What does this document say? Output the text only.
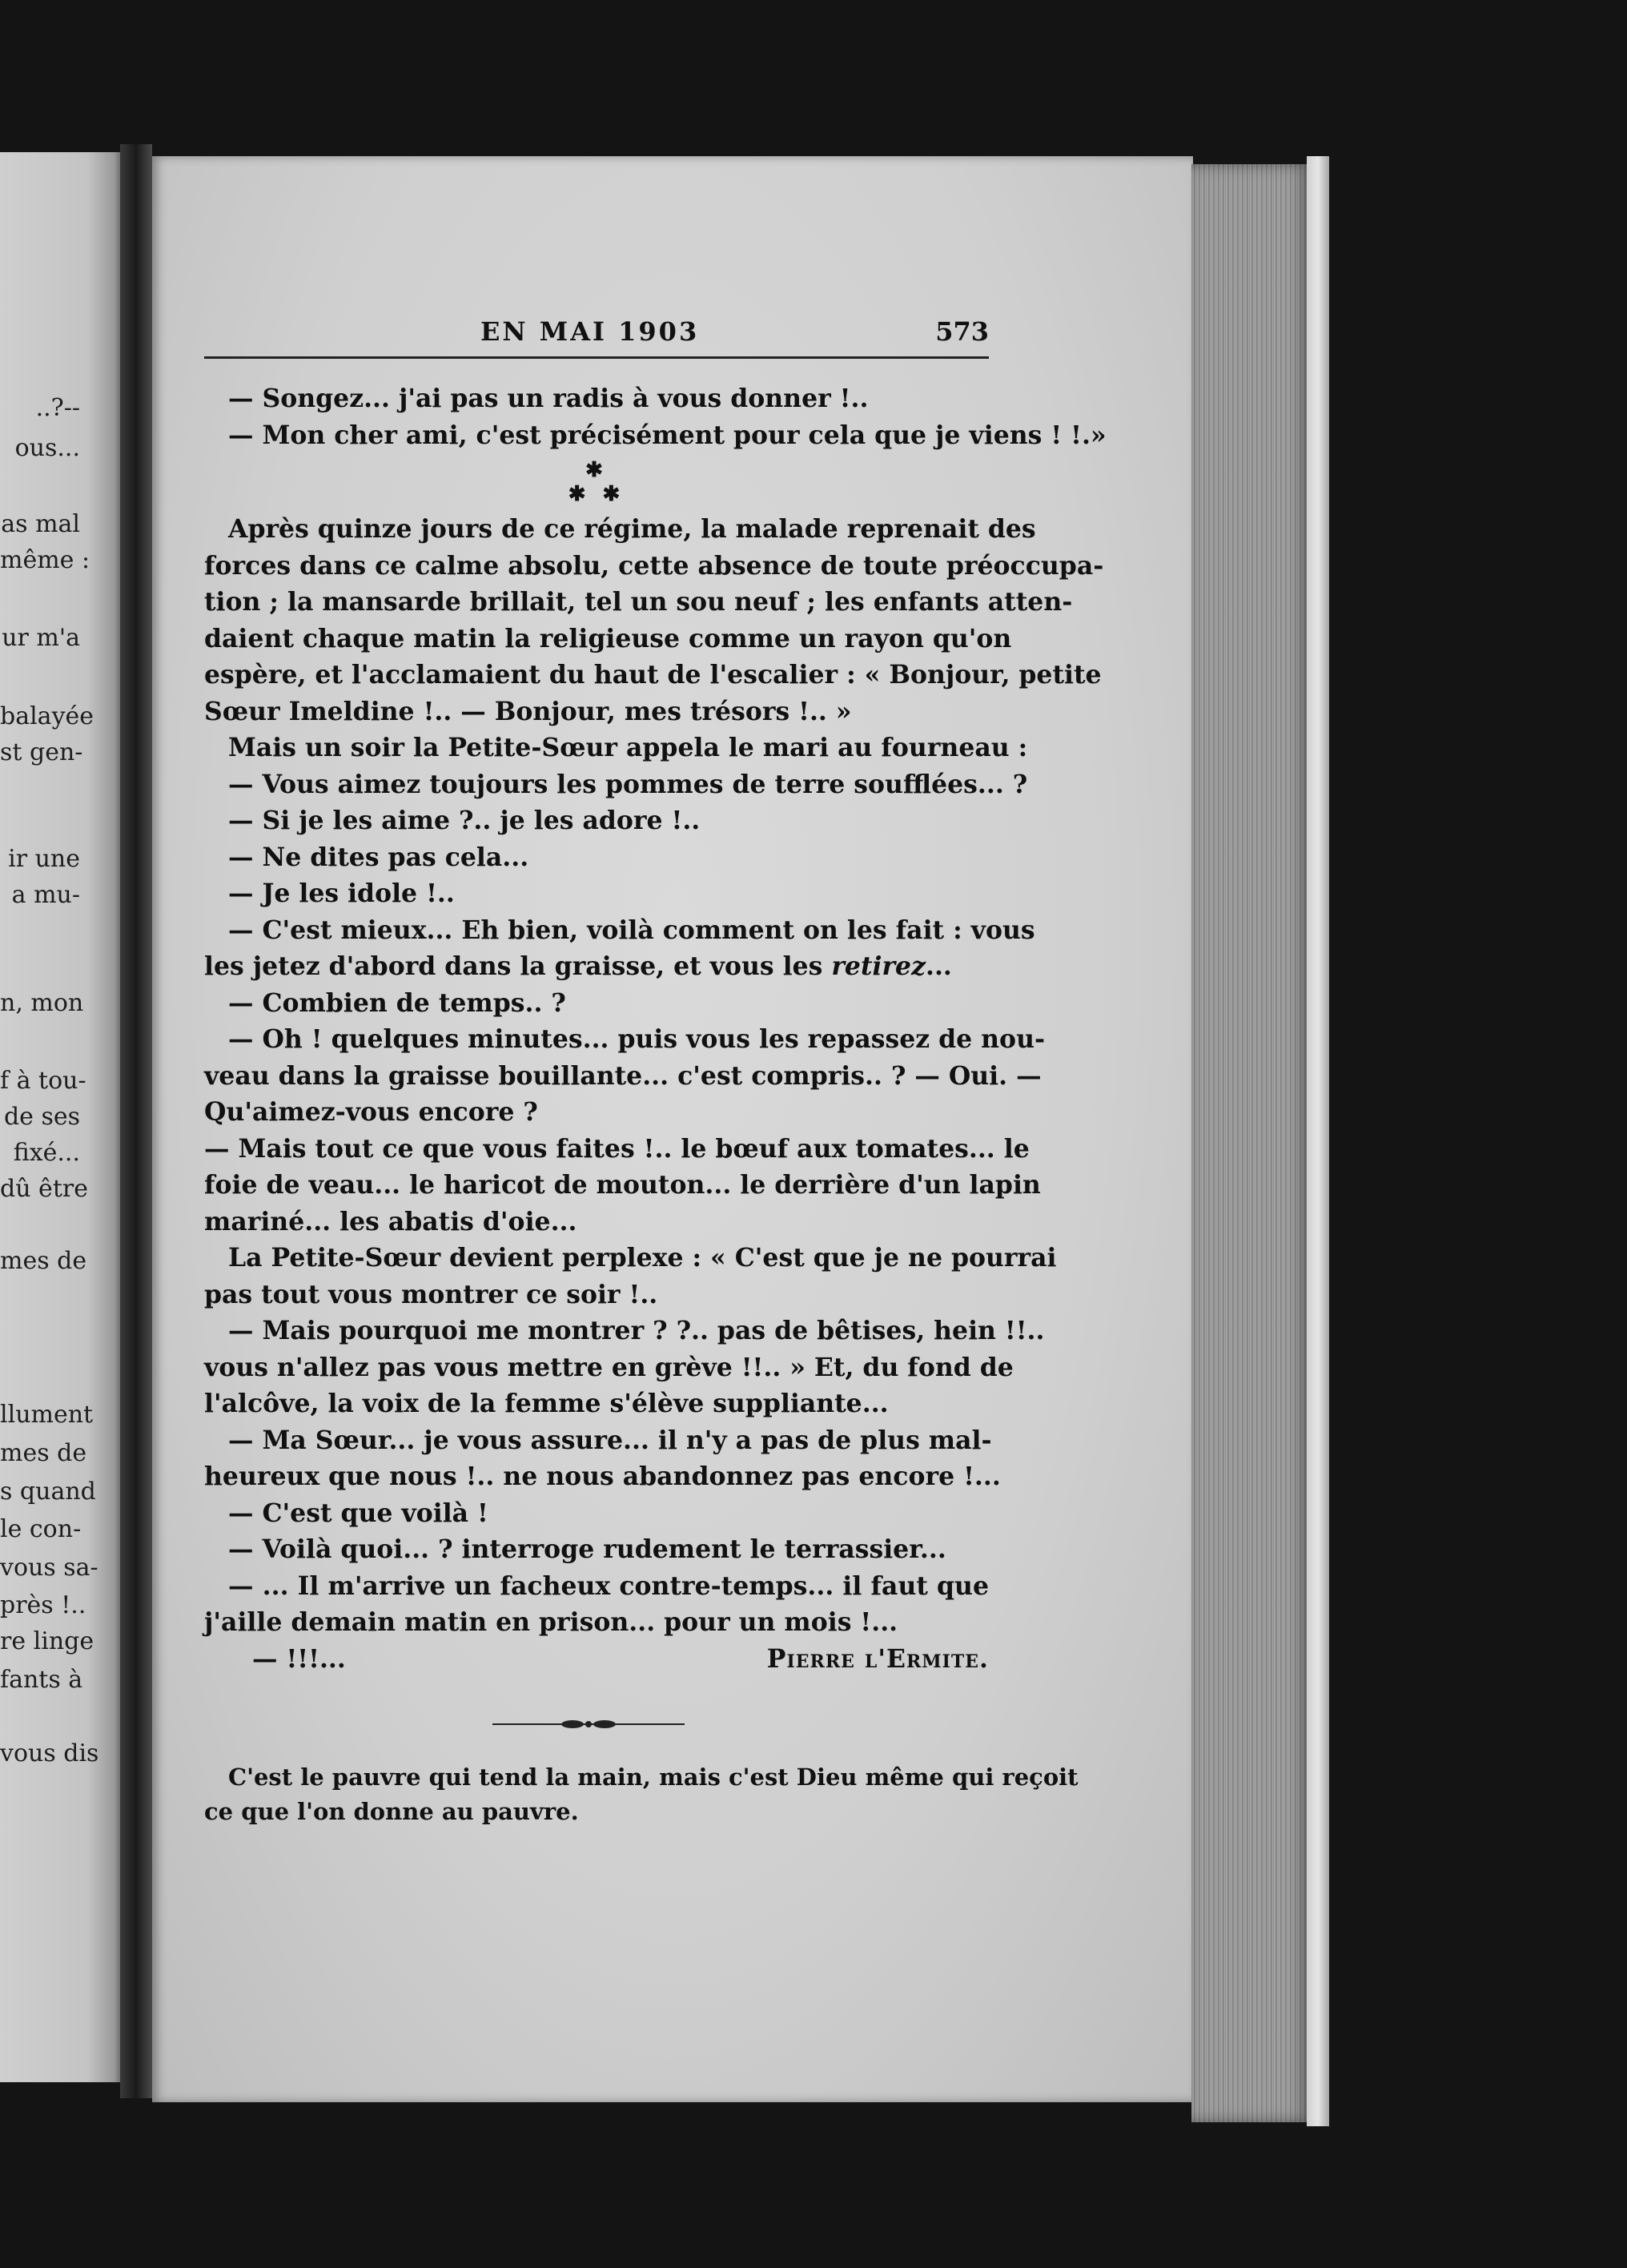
..?--
ous...
as mal
même :
ur m'a
balayée
st gen-
ir une
a mu-
n, mon
f à tou-
de ses
fixé...
dû être
mes de
llument
mes de
s quand
le con-
vous sa-
près !..
re linge
fants à
vous dis
EN MAI 1903	573

— Songez... j'ai pas un radis à vous donner !..

— Mon cher ami, c'est précisément pour cela que je viens ! !.»

✱
✱ ✱

Après quinze jours de ce régime, la malade reprenait des

forces dans ce calme absolu, cette absence de toute préoccupa-

tion ; la mansarde brillait, tel un sou neuf ; les enfants atten-

daient chaque matin la religieuse comme un rayon qu'on

espère, et l'acclamaient du haut de l'escalier : « Bonjour, petite

Sœur Imeldine !.. — Bonjour, mes trésors !.. »

Mais un soir la Petite-Sœur appela le mari au fourneau :

— Vous aimez toujours les pommes de terre soufflées... ?

— Si je les aime ?.. je les adore !..

— Ne dites pas cela...

— Je les idole !..

— C'est mieux... Eh bien, voilà comment on les fait : vous

les jetez d'abord dans la graisse, et vous les retirez...

— Combien de temps.. ?

— Oh ! quelques minutes... puis vous les repassez de nou-

veau dans la graisse bouillante... c'est compris.. ? — Oui. —

Qu'aimez-vous encore ?

— Mais tout ce que vous faites !.. le bœuf aux tomates... le

foie de veau... le haricot de mouton... le derrière d'un lapin

mariné... les abatis d'oie...

La Petite-Sœur devient perplexe : « C'est que je ne pourrai

pas tout vous montrer ce soir !..

— Mais pourquoi me montrer ? ?.. pas de bêtises, hein !!..

vous n'allez pas vous mettre en grève !!.. » Et, du fond de

l'alcôve, la voix de la femme s'élève suppliante...

— Ma Sœur... je vous assure... il n'y a pas de plus mal-

heureux que nous !.. ne nous abandonnez pas encore !...

— C'est que voilà !

— Voilà quoi... ? interroge rudement le terrassier...

— ... Il m'arrive un facheux contre-temps... il faut que

j'aille demain matin en prison... pour un mois !...

— !!!...	Pierre l'Ermite.

C'est le pauvre qui tend la main, mais c'est Dieu même qui reçoit

ce que l'on donne au pauvre.
